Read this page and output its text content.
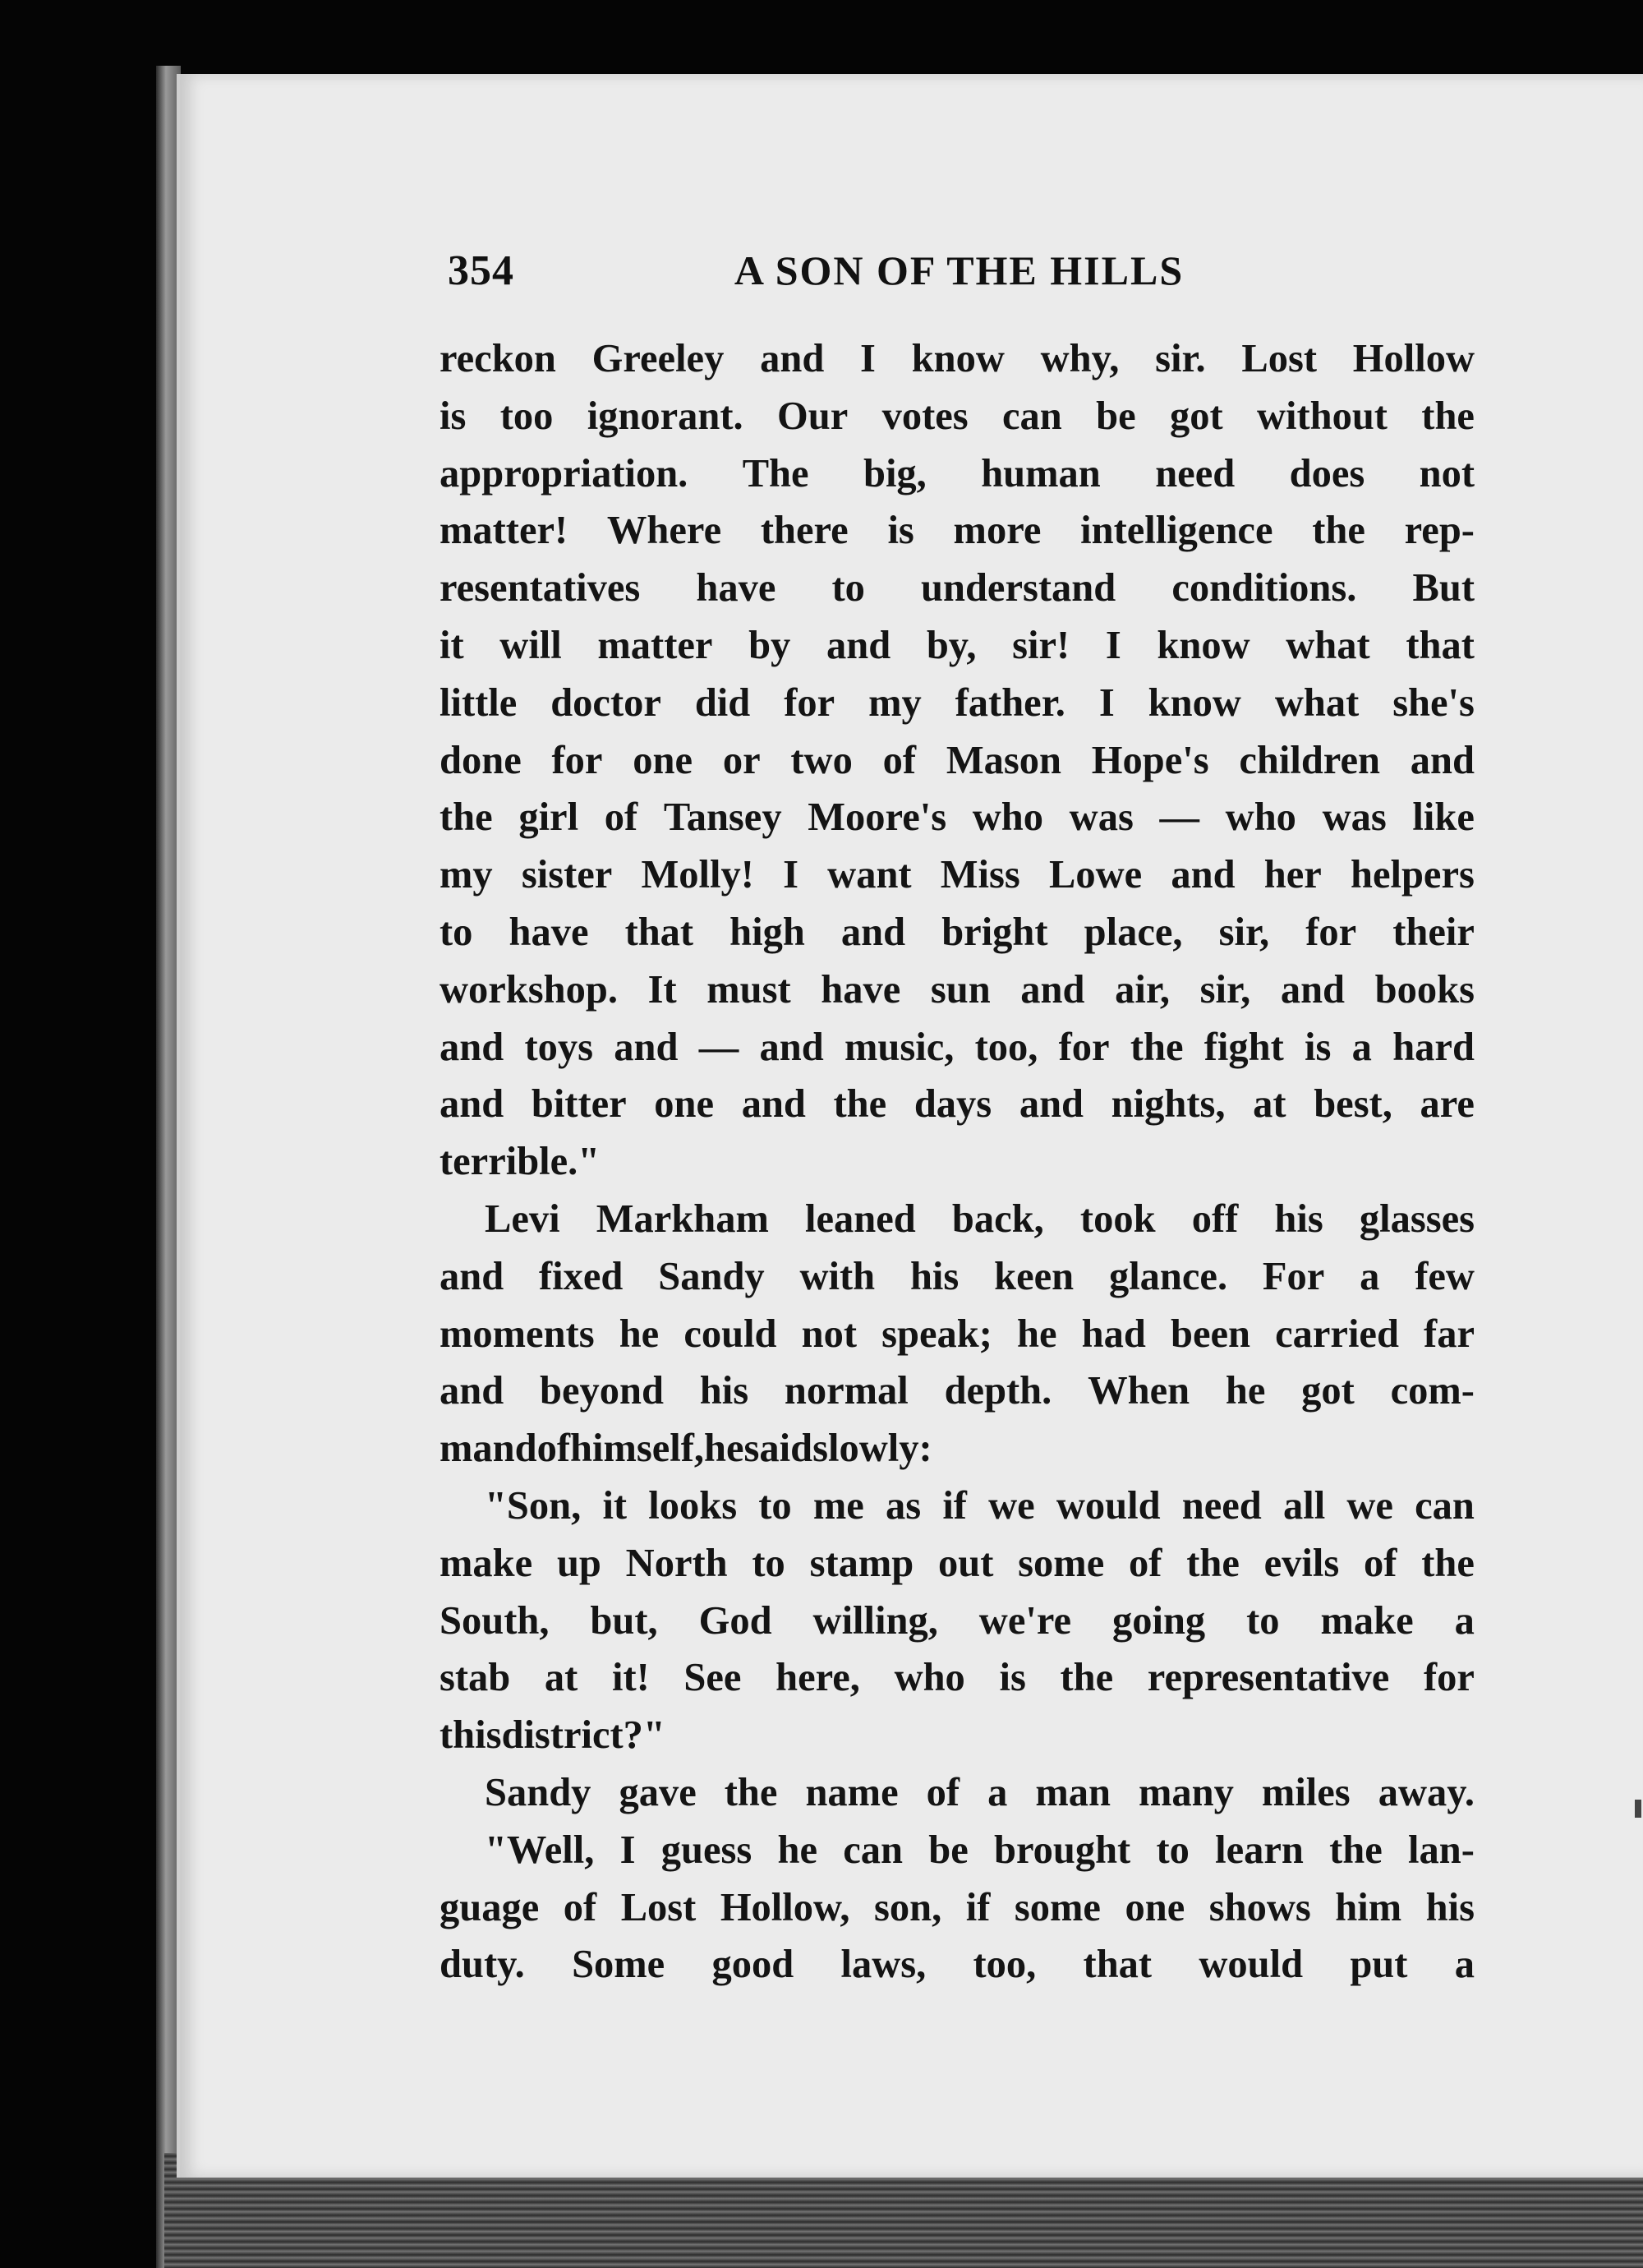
354	A SON OF THE HILLS
reckon Greeley and I know why, sir. Lost Hollow
is too ignorant. Our votes can be got without the
appropriation. The big, human need does not
matter! Where there is more intelligence the rep-
resentatives have to understand conditions. But
it will matter by and by, sir! I know what that
little doctor did for my father. I know what she's
done for one or two of Mason Hope's children and
the girl of Tansey Moore's who was — who was like
my sister Molly! I want Miss Lowe and her helpers
to have that high and bright place, sir, for their
workshop. It must have sun and air, sir, and books
and toys and — and music, too, for the fight is a hard
and bitter one and the days and nights, at best, are
terrible."
Levi Markham leaned back, took off his glasses
and fixed Sandy with his keen glance. For a few
moments he could not speak; he had been carried far
and beyond his normal depth. When he got com-
mand of himself, he said slowly:
"Son, it looks to me as if we would need all we can
make up North to stamp out some of the evils of the
South, but, God willing, we're going to make a
stab at it! See here, who is the representative for
this district?"
Sandy gave the name of a man many miles away.
"Well, I guess he can be brought to learn the lan-
guage of Lost Hollow, son, if some one shows him his
duty. Some good laws, too, that would put a
